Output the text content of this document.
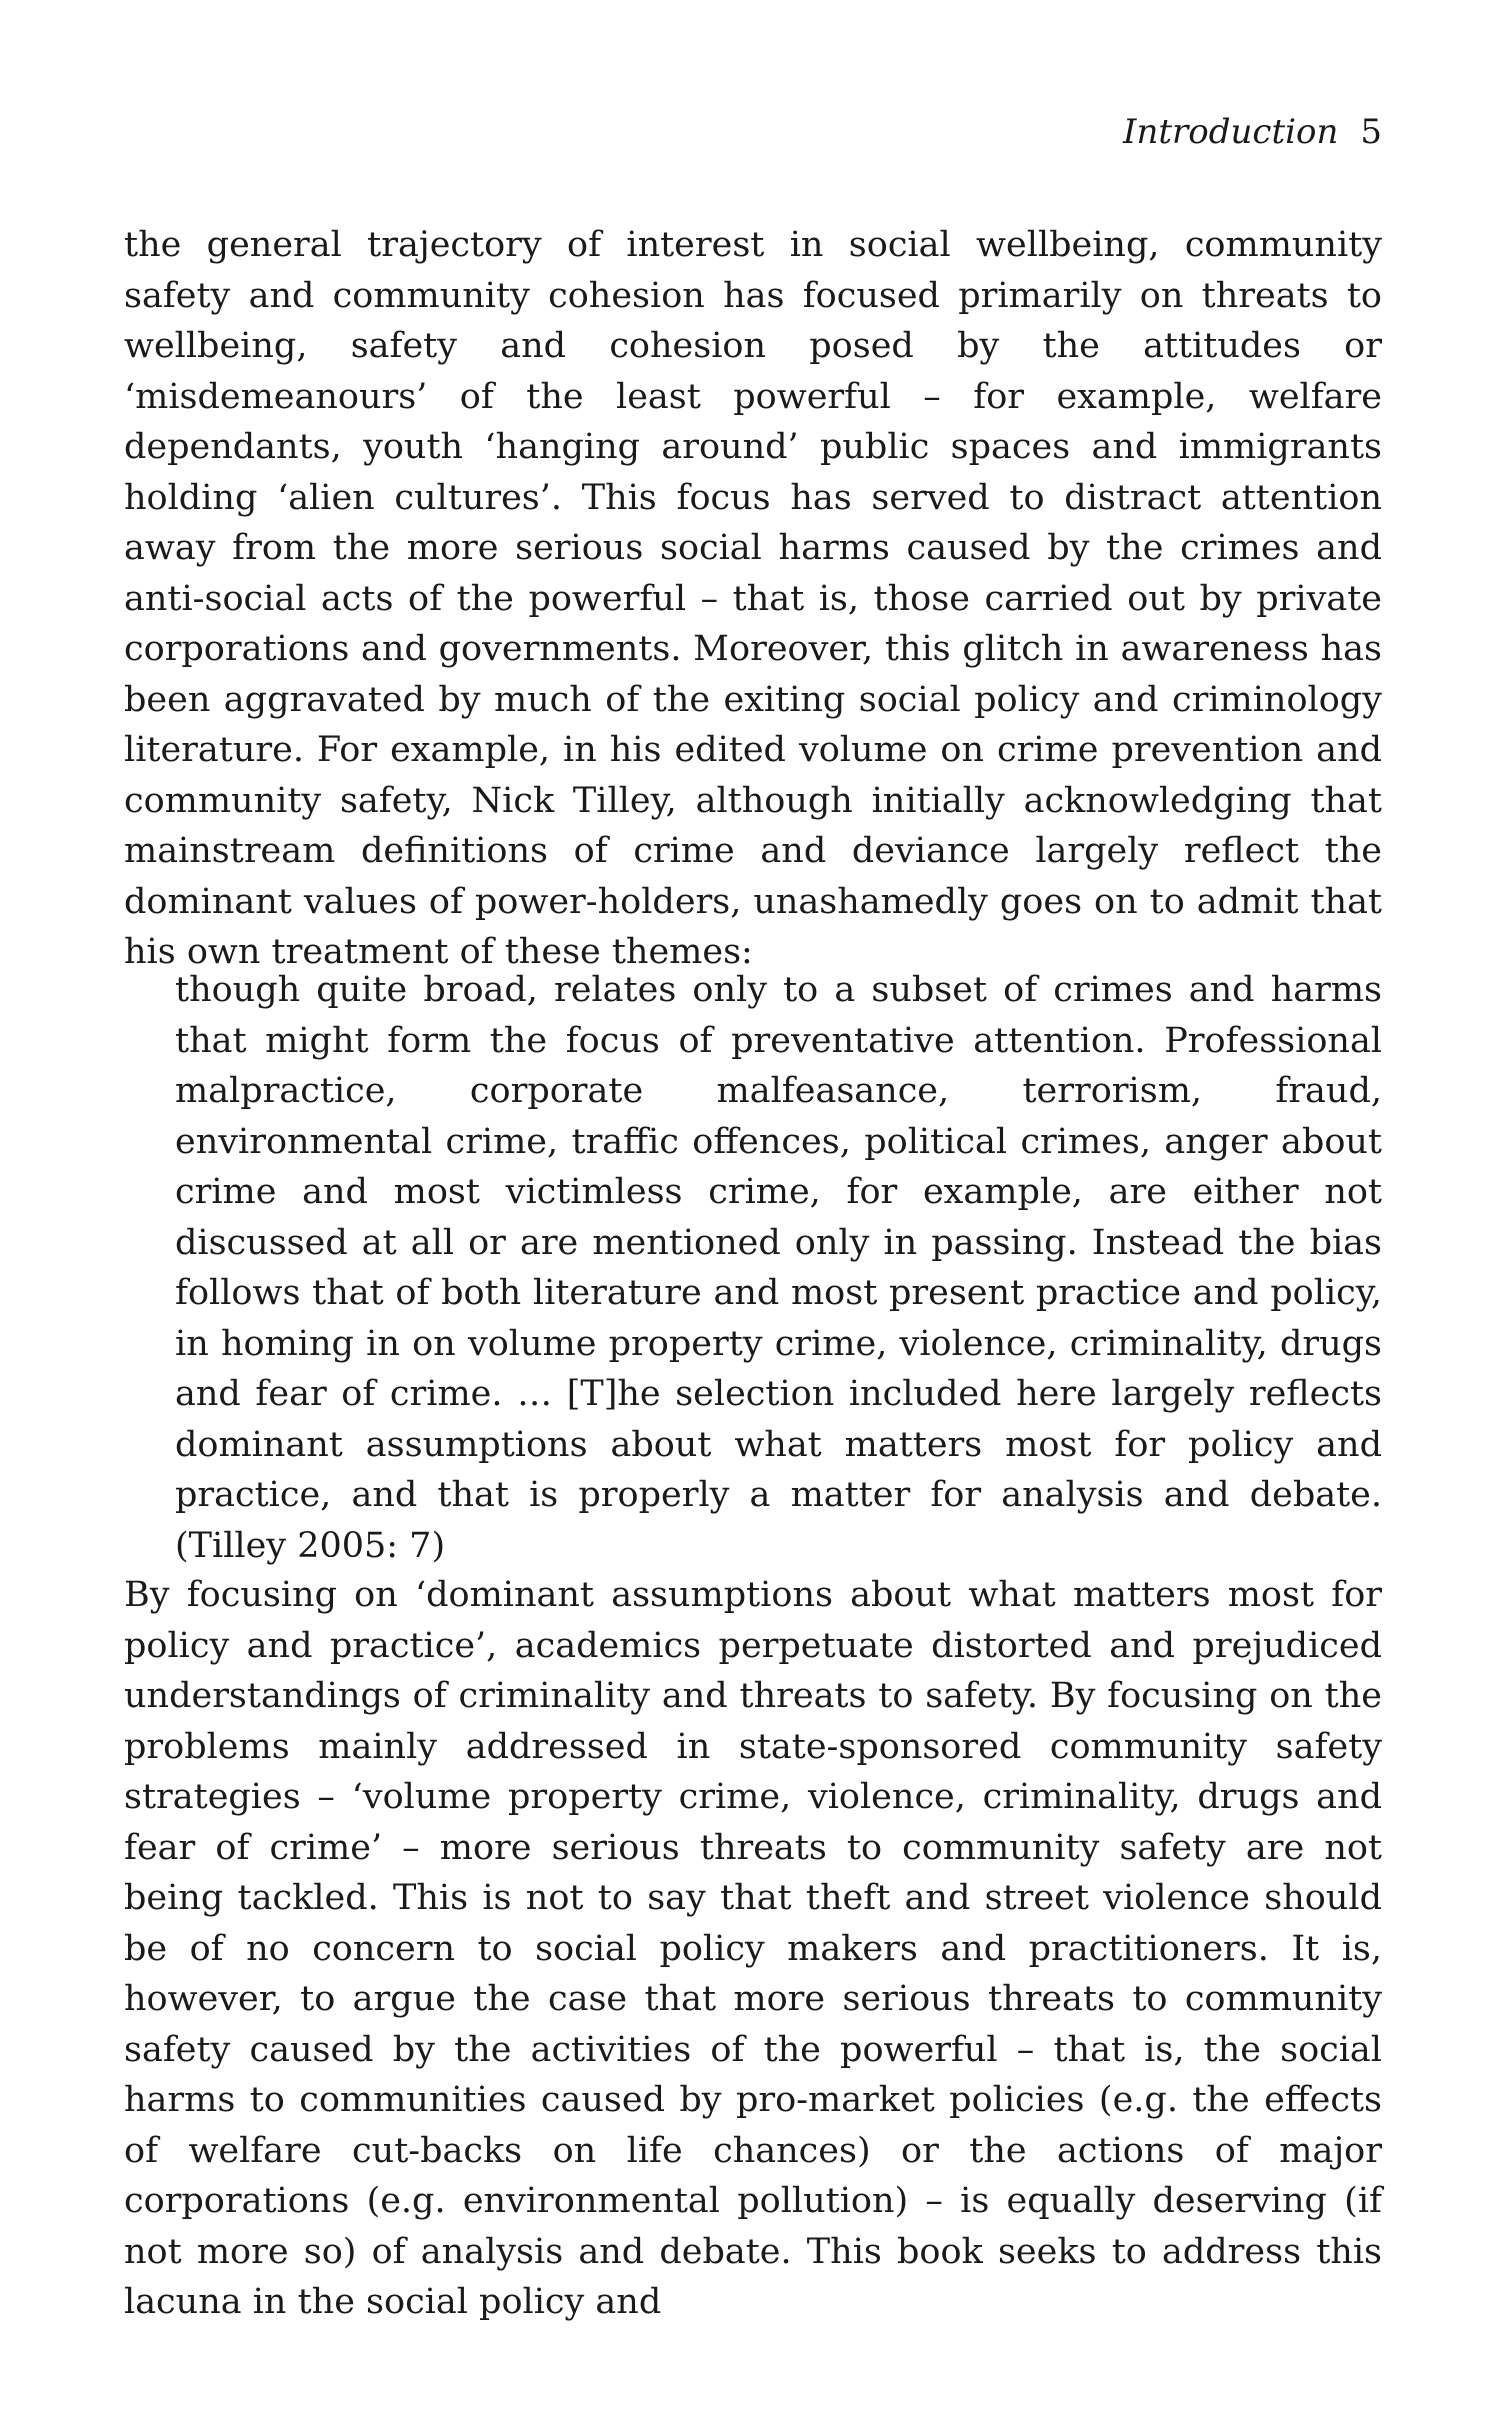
Introduction 5

the general trajectory of interest in social wellbeing, community safety and community cohesion has focused primarily on threats to wellbeing, safety and cohesion posed by the attitudes or ‘misdemeanours’ of the least powerful – for example, welfare dependants, youth ‘hanging around’ public spaces and immigrants holding ‘alien cultures’. This focus has served to distract attention away from the more serious social harms caused by the crimes and anti-social acts of the powerful – that is, those carried out by private corporations and governments. Moreover, this glitch in awareness has been aggravated by much of the exiting social policy and criminology literature. For example, in his edited volume on crime prevention and community safety, Nick Tilley, although initially acknowledging that mainstream definitions of crime and deviance largely reflect the dominant values of power-holders, unashamedly goes on to admit that his own treatment of these themes:

though quite broad, relates only to a subset of crimes and harms that might form the focus of preventative attention. Professional malpractice, corporate malfeasance, terrorism, fraud, environmental crime, traffic offences, political crimes, anger about crime and most victimless crime, for example, are either not discussed at all or are mentioned only in passing. Instead the bias follows that of both literature and most present practice and policy, in homing in on volume property crime, violence, criminality, drugs and fear of crime. … [T]he selection included here largely reflects dominant assumptions about what matters most for policy and practice, and that is properly a matter for analysis and debate. (Tilley 2005: 7)

By focusing on ‘dominant assumptions about what matters most for policy and practice’, academics perpetuate distorted and prejudiced understandings of criminality and threats to safety. By focusing on the problems mainly addressed in state-sponsored community safety strategies – ‘volume property crime, violence, criminality, drugs and fear of crime’ – more serious threats to community safety are not being tackled. This is not to say that theft and street violence should be of no concern to social policy makers and practitioners. It is, however, to argue the case that more serious threats to community safety caused by the activities of the powerful – that is, the social harms to communities caused by pro-market policies (e.g. the effects of welfare cut-backs on life chances) or the actions of major corporations (e.g. environmental pollution) – is equally deserving (if not more so) of analysis and debate. This book seeks to address this lacuna in the social policy and
